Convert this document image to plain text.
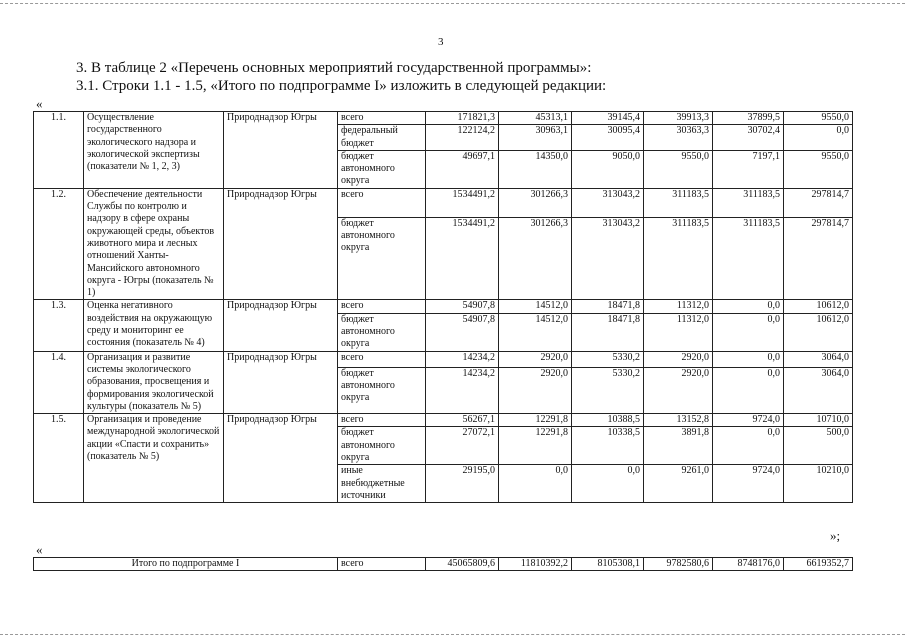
3
3. В таблице 2 «Перечень основных мероприятий государственной программы»:
3.1. Строки 1.1 - 1.5, «Итого по подпрограмме I» изложить в следующей редакции:
«
1.1.	Осуществление государственного экологического надзора и экологической экспертизы (показатели № 1, 2, 3)	Природнадзор Югры	всего	171821,3	45313,1	39145,4	39913,3	37899,5	9550,0
			федеральный бюджет	122124,2	30963,1	30095,4	30363,3	30702,4	0,0
			бюджет автономного округа	49697,1	14350,0	9050,0	9550,0	7197,1	9550,0
1.2.	Обеспечение деятельности Службы по контролю и надзору в сфере охраны окружающей среды, объектов животного мира и лесных отношений Ханты-Мансийского автономного округа - Югры (показатель № 1)	Природнадзор Югры	всего	1534491,2	301266,3	313043,2	311183,5	311183,5	297814,7
			бюджет автономного округа	1534491,2	301266,3	313043,2	311183,5	311183,5	297814,7
1.3.	Оценка негативного воздействия на окружающую среду и мониторинг ее состояния (показатель № 4)	Природнадзор Югры	всего	54907,8	14512,0	18471,8	11312,0	0,0	10612,0
			бюджет автономного округа	54907,8	14512,0	18471,8	11312,0	0,0	10612,0
1.4.	Организация и развитие системы экологического образования, просвещения и формирования экологической культуры (показатель № 5)	Природнадзор Югры	всего	14234,2	2920,0	5330,2	2920,0	0,0	3064,0
			бюджет автономного округа	14234,2	2920,0	5330,2	2920,0	0,0	3064,0
1.5.	Организация и проведение международной экологической акции «Спасти и сохранить» (показатель № 5)	Природнадзор Югры	всего	56267,1	12291,8	10388,5	13152,8	9724,0	10710,0
			бюджет автономного округа	27072,1	12291,8	10338,5	3891,8	0,0	500,0
			иные внебюджетные источники	29195,0	0,0	0,0	9261,0	9724,0	10210,0
»;
«
Итого по подпрограмме I	всего	45065809,6	11810392,2	8105308,1	9782580,6	8748176,0	6619352,7
